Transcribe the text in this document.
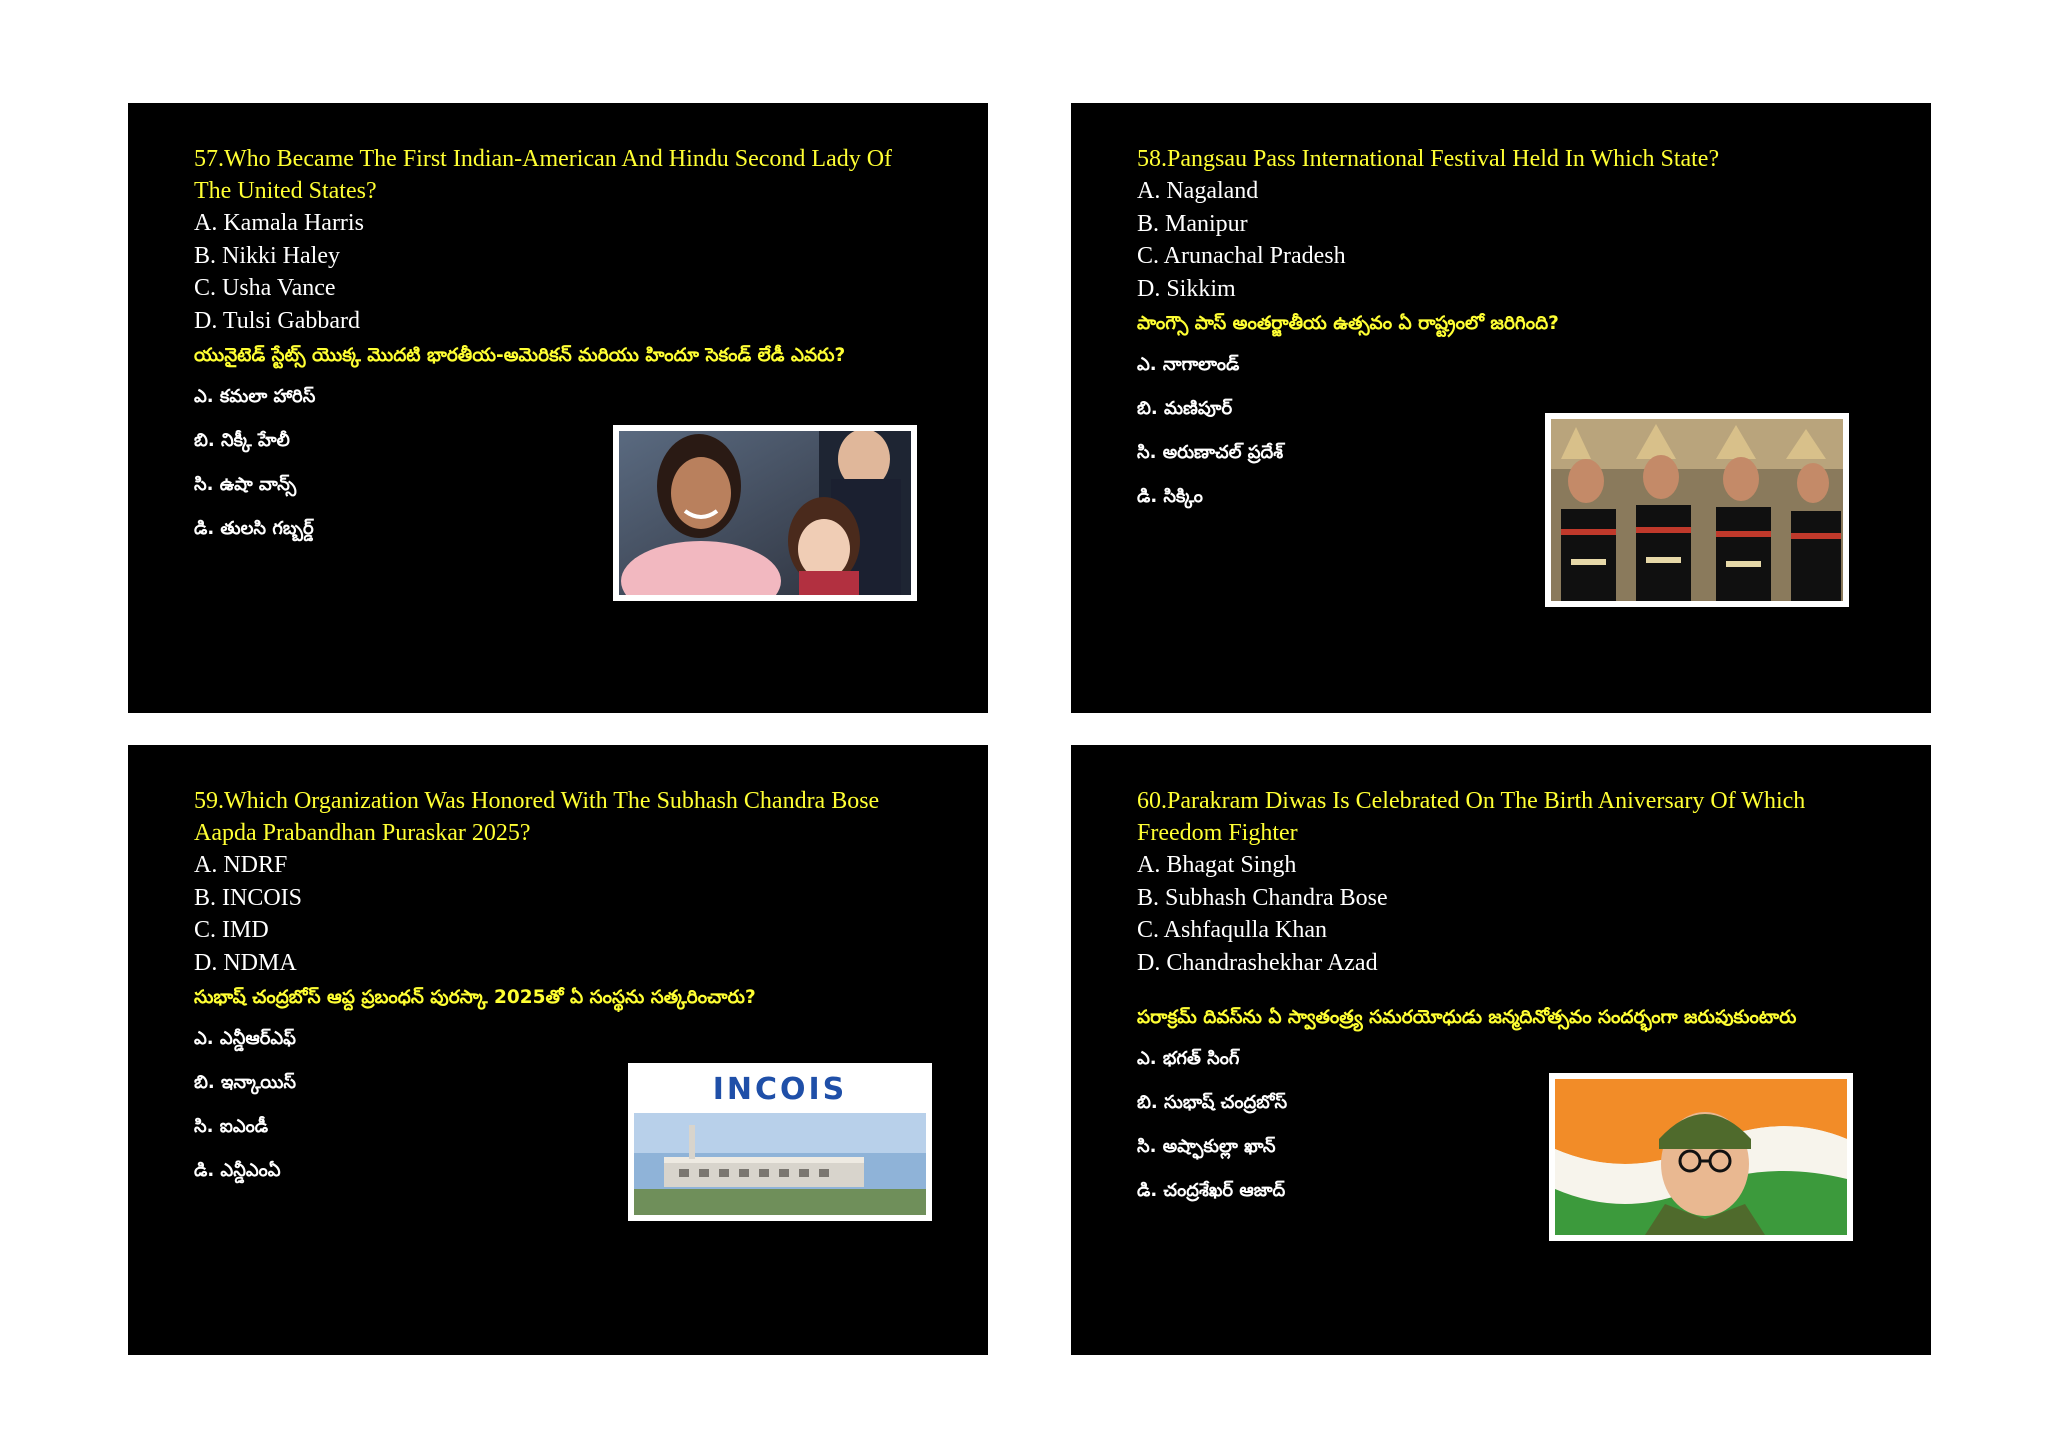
57.Who Became The First Indian-American And Hindu Second Lady Of The United States?

A. Kamala Harris

B. Nikki Haley

C. Usha Vance

D. Tulsi Gabbard

యునైటెడ్ స్టేట్స్ యొక్క మొదటి భారతీయ-అమెరికన్ మరియు హిందూ సెకండ్ లేడీ ఎవరు?

ఎ. కమలా హారిస్

బి. నిక్కీ హేలీ

సి. ఉషా వాన్స్

డి. తులసి గబ్బర్డ్

58.Pangsau Pass International Festival Held In Which State?

A. Nagaland

B. Manipur

C. Arunachal Pradesh

D. Sikkim

పాంగ్సౌ పాస్ అంతర్జాతీయ ఉత్సవం ఏ రాష్ట్రంలో జరిగింది?

ఎ. నాగాలాండ్

బి. మణిపూర్

సి. అరుణాచల్ ప్రదేశ్

డి. సిక్కిం

59.Which Organization Was Honored With The Subhash Chandra Bose Aapda Prabandhan Puraskar 2025?

A. NDRF

B. INCOIS

C. IMD

D. NDMA

సుభాష్ చంద్రబోస్ ఆప్ద ప్రబంధన్ పురస్కా 2025తో ఏ సంస్థను సత్కరించారు?

ఎ. ఎన్డీఆర్ఎఫ్

బి. ఇన్కాయిస్

సి. ఐఎండీ

డి. ఎన్డీఎంఏ

INCOIS

60.Parakram Diwas Is Celebrated On The Birth Aniversary Of Which Freedom Fighter

A. Bhagat Singh

B. Subhash Chandra Bose

C. Ashfaqulla Khan

D. Chandrashekhar Azad

పరాక్రమ్ దివస్‌ను ఏ స్వాతంత్ర్య సమరయోధుడు జన్మదినోత్సవం సందర్భంగా జరుపుకుంటారు

ఎ. భగత్ సింగ్

బి. సుభాష్ చంద్రబోస్

సి. అష్ఫాకుల్లా ఖాన్

డి. చంద్రశేఖర్ ఆజాద్
